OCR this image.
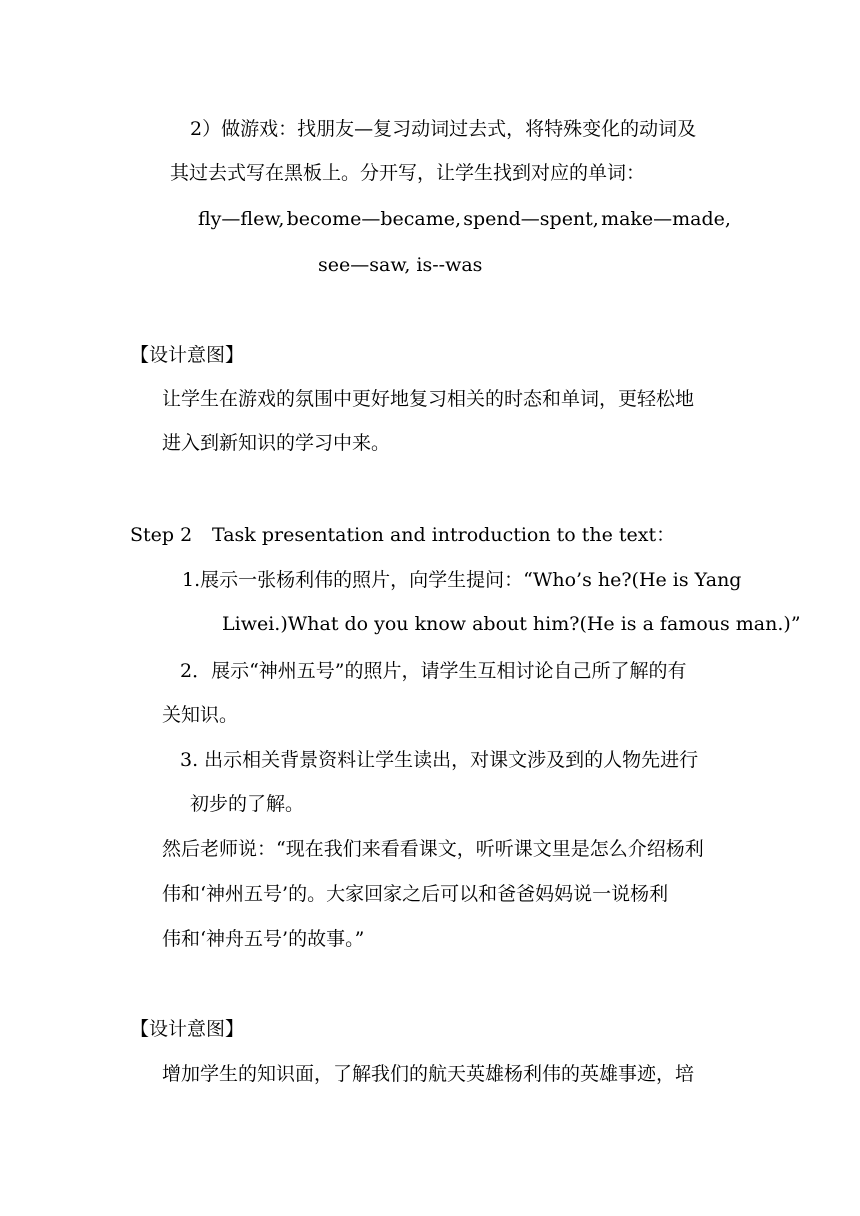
2）做游戏：找朋友—复习动词过去式，将特殊变化的动词及
其过去式写在黑板上。分开写，让学生找到对应的单词：
fly—flew, become—became, spend—spent, make—made,
see—saw, is--was
【设计意图】
让学生在游戏的氛围中更好地复习相关的时态和单词，更轻松地
进入到新知识的学习中来。
Step 2 Task presentation and introduction to the text：
1.展示一张杨利伟的照片，向学生提问：“Who’s he?(He is Yang
Liwei.)What do you know about him?(He is a famous man.)”
2．展示“神州五号”的照片，请学生互相讨论自己所了解的有
关知识。
3. 出示相关背景资料让学生读出，对课文涉及到的人物先进行
初步的了解。
然后老师说：“现在我们来看看课文，听听课文里是怎么介绍杨利
伟和‘神州五号’的。大家回家之后可以和爸爸妈妈说一说杨利
伟和‘神舟五号’的故事。”
【设计意图】
增加学生的知识面，了解我们的航天英雄杨利伟的英雄事迹，培
